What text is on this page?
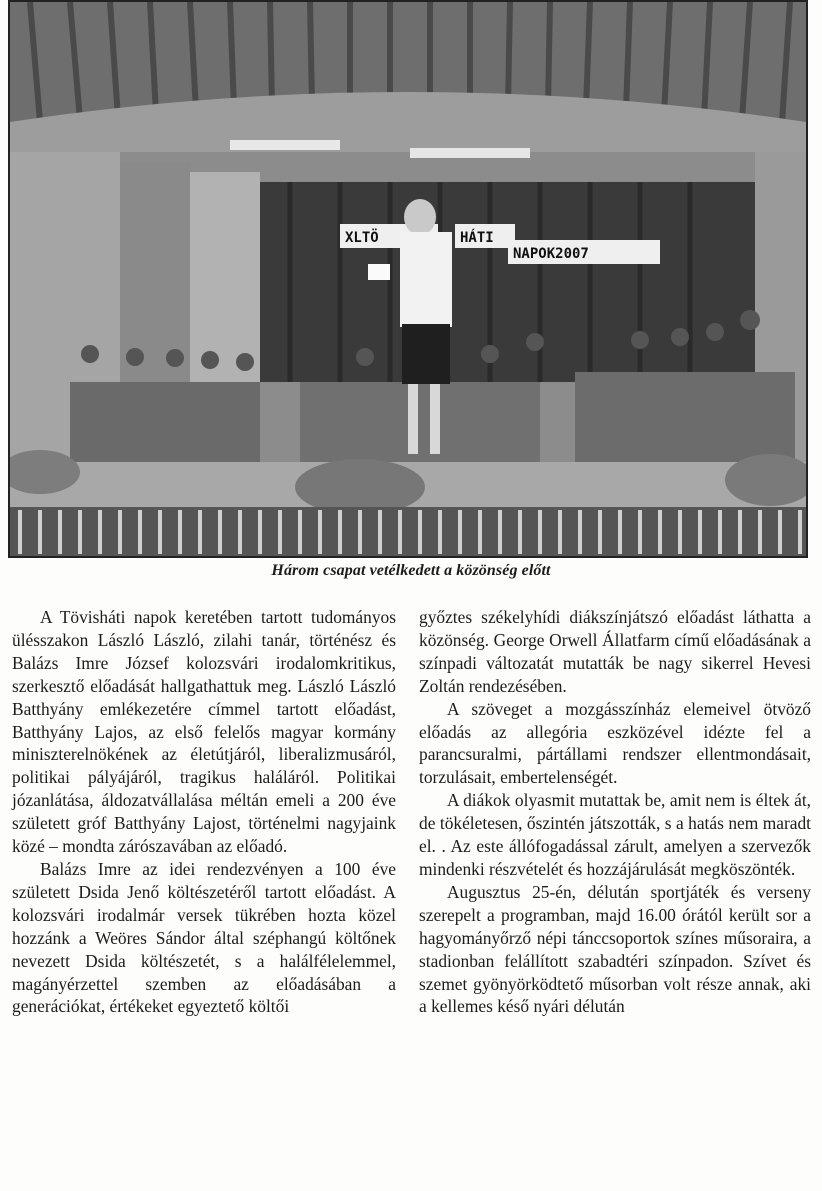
XLTÖ	HÁTI
NAPOK2007
Három csapat vetélkedett a közönség előtt

A Tövisháti napok keretében tartott tudományos ülésszakon László László, zilahi tanár, történész és Balázs Imre József kolozsvári irodalomkritikus, szerkesztő előadását hallgathattuk meg. László László Batthyány emlékezetére címmel tartott előadást, Batthyány Lajos, az első felelős magyar kormány miniszterelnökének az életútjáról, liberalizmusáról, politikai pályájáról, tragikus haláláról. Politikai józanlátása, áldozatvállalása méltán emeli a 200 éve született gróf Batthyány Lajost, történelmi nagyjaink közé – mondta zárószavában az előadó.

Balázs Imre az idei rendezvényen a 100 éve született Dsida Jenő költészetéről tartott előadást. A kolozsvári irodalmár versek tükrében hozta közel hozzánk a Weöres Sándor által széphangú költőnek nevezett Dsida költészetét, s a halálfélelemmel, magányérzettel szemben az előadásában a generációkat, értékeket egyeztető költői

győztes székelyhídi diákszínjátszó előadást láthatta a közönség. George Orwell Állatfarm című előadásának a színpadi változatát mutatták be nagy sikerrel Hevesi Zoltán rendezésében.

A szöveget a mozgásszínház elemeivel ötvöző előadás az allegória eszközével idézte fel a parancsuralmi, pártállami rendszer ellentmondásait, torzulásait, embertelenségét.

A diákok olyasmit mutattak be, amit nem is éltek át, de tökéletesen, őszintén játszották, s a hatás nem maradt el. . Az este állófogadással zárult, amelyen a szervezők mindenki részvételét és hozzájárulását megköszönték.

Augusztus 25-én, délután sportjáték és verseny szerepelt a programban, majd 16.00 órától került sor a hagyományőrző népi tánccsoportok színes műsoraira, a stadionban felállított szabadtéri színpadon. Szívet és szemet gyönyörködtető műsorban volt része annak, aki a kellemes késő nyári délután
